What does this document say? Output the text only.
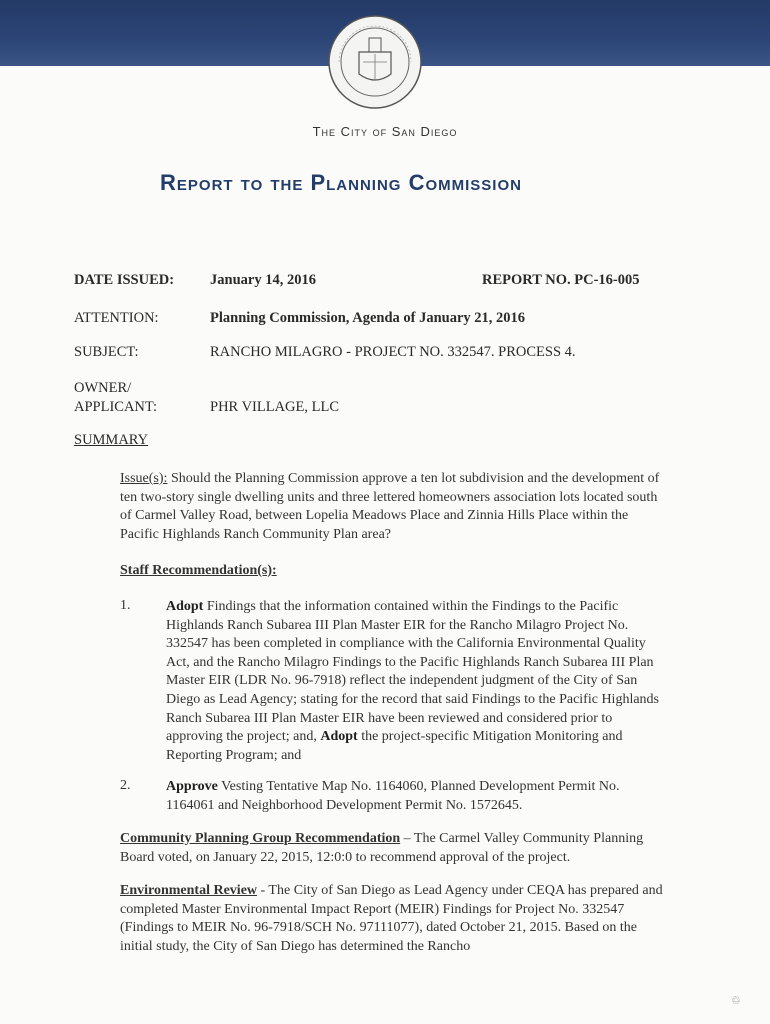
The City of San Diego
Report to the Planning Commission
DATE ISSUED: January 14, 2016	REPORT NO. PC-16-005
ATTENTION:	Planning Commission, Agenda of January 21, 2016
SUBJECT:	RANCHO MILAGRO - PROJECT NO. 332547. PROCESS 4.
OWNER/
APPLICANT:	PHR VILLAGE, LLC
SUMMARY
Issue(s): Should the Planning Commission approve a ten lot subdivision and the development of ten two-story single dwelling units and three lettered homeowners association lots located south of Carmel Valley Road, between Lopelia Meadows Place and Zinnia Hills Place within the Pacific Highlands Ranch Community Plan area?
Staff Recommendation(s):
1.	Adopt Findings that the information contained within the Findings to the Pacific Highlands Ranch Subarea III Plan Master EIR for the Rancho Milagro Project No. 332547 has been completed in compliance with the California Environmental Quality Act, and the Rancho Milagro Findings to the Pacific Highlands Ranch Subarea III Plan Master EIR (LDR No. 96-7918) reflect the independent judgment of the City of San Diego as Lead Agency; stating for the record that said Findings to the Pacific Highlands Ranch Subarea III Plan Master EIR have been reviewed and considered prior to approving the project; and, Adopt the project-specific Mitigation Monitoring and Reporting Program; and
2.	Approve Vesting Tentative Map No. 1164060, Planned Development Permit No. 1164061 and Neighborhood Development Permit No. 1572645.
Community Planning Group Recommendation – The Carmel Valley Community Planning Board voted, on January 22, 2015, 12:0:0 to recommend approval of the project.
Environmental Review - The City of San Diego as Lead Agency under CEQA has prepared and completed Master Environmental Impact Report (MEIR) Findings for Project No. 332547 (Findings to MEIR No. 96-7918/SCH No. 97111077), dated October 21, 2015. Based on the initial study, the City of San Diego has determined the Rancho
♲
